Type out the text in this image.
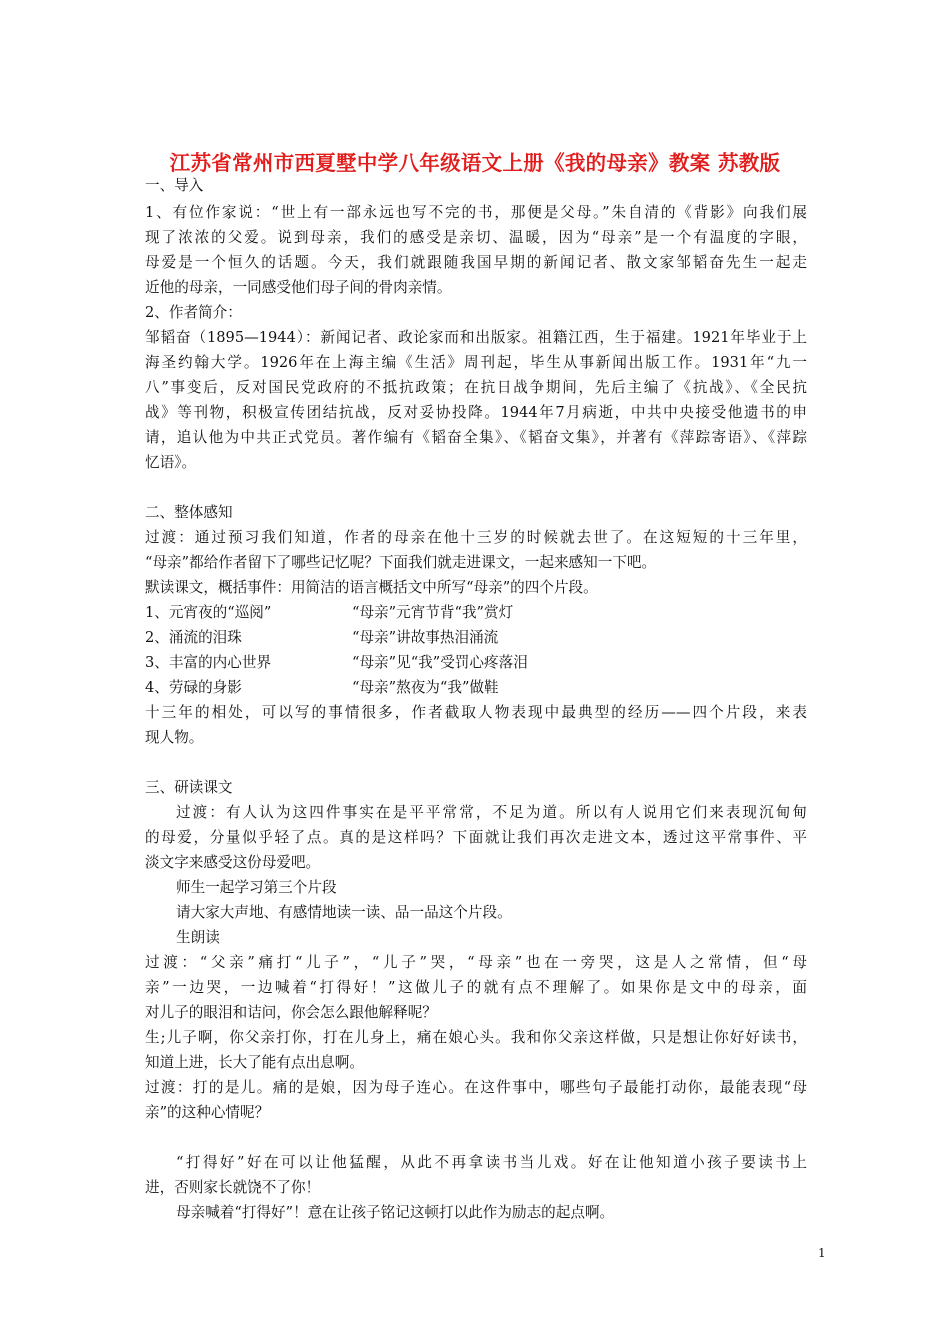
江苏省常州市西夏墅中学八年级语文上册《我的母亲》教案 苏教版
一、导入
1、有位作家说：“世上有一部永远也写不完的书，那便是父母。”朱自清的《背影》向我们展
现了浓浓的父爱。说到母亲，我们的感受是亲切、温暖，因为“母亲”是一个有温度的字眼，
母爱是一个恒久的话题。今天，我们就跟随我国早期的新闻记者、散文家邹韬奋先生一起走
近他的母亲，一同感受他们母子间的骨肉亲情。
2、作者简介：
邹韬奋（1895—1944）：新闻记者、政论家而和出版家。祖籍江西，生于福建。1921年毕业于上
海圣约翰大学。1926年在上海主编《生活》周刊起，毕生从事新闻出版工作。1931年“九一
八”事变后，反对国民党政府的不抵抗政策；在抗日战争期间，先后主编了《抗战》、《全民抗
战》等刊物，积极宣传团结抗战，反对妥协投降。1944年7月病逝，中共中央接受他遗书的申
请，追认他为中共正式党员。著作编有《韬奋全集》、《韬奋文集》，并著有《萍踪寄语》、《萍踪
忆语》。
二、整体感知
过渡：通过预习我们知道，作者的母亲在他十三岁的时候就去世了。在这短短的十三年里，
“母亲”都给作者留下了哪些记忆呢？下面我们就走进课文，一起来感知一下吧。
默读课文，概括事件：用简洁的语言概括文中所写“母亲”的四个片段。
1、元宵夜的“巡阅”	“母亲”元宵节背“我”赏灯
2、涌流的泪珠	“母亲”讲故事热泪涌流
3、丰富的内心世界	“母亲”见“我”受罚心疼落泪
4、劳碌的身影	“母亲”熬夜为“我”做鞋
十三年的相处，可以写的事情很多，作者截取人物表现中最典型的经历——四个片段，来表
现人物。
三、研读课文
过渡：有人认为这四件事实在是平平常常，不足为道。所以有人说用它们来表现沉甸甸
的母爱，分量似乎轻了点。真的是这样吗？下面就让我们再次走进文本，透过这平常事件、平
淡文字来感受这份母爱吧。
师生一起学习第三个片段
请大家大声地、有感情地读一读、品一品这个片段。
生朗读
过渡：“父亲”痛打“儿子”，“儿子”哭，“母亲”也在一旁哭，这是人之常情，但“母
亲”一边哭，一边喊着“打得好！”这做儿子的就有点不理解了。如果你是文中的母亲，面
对儿子的眼泪和诘问，你会怎么跟他解释呢？
生;儿子啊，你父亲打你，打在儿身上，痛在娘心头。我和你父亲这样做，只是想让你好好读书，
知道上进，长大了能有点出息啊。
过渡：打的是儿。痛的是娘，因为母子连心。在这件事中，哪些句子最能打动你，最能表现“母
亲”的这种心情呢？
“打得好”好在可以让他猛醒，从此不再拿读书当儿戏。好在让他知道小孩子要读书上
进，否则家长就饶不了你！
母亲喊着“打得好”！意在让孩子铭记这顿打以此作为励志的起点啊。
1
